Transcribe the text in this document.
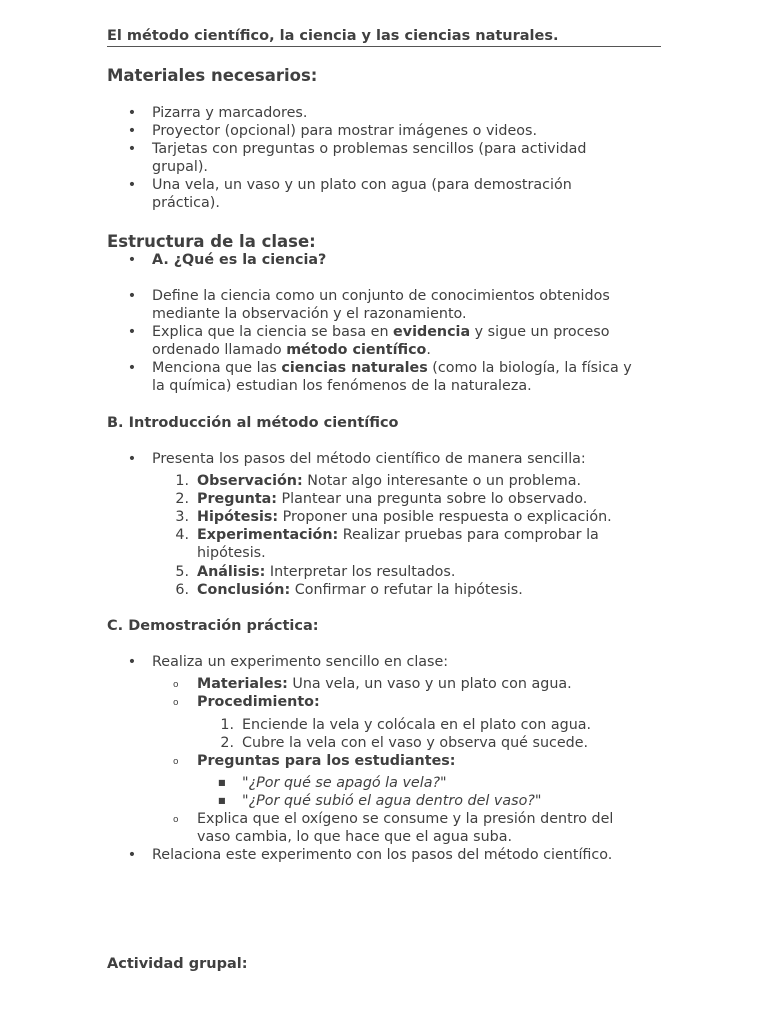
El método científico, la ciencia y las ciencias naturales.
Materiales necesarios:
• Pizarra y marcadores.
• Proyector (opcional) para mostrar imágenes o videos.
• Tarjetas con preguntas o problemas sencillos (para actividad
grupal).
• Una vela, un vaso y un plato con agua (para demostración
práctica).
Estructura de la clase:
• A. ¿Qué es la ciencia?
• Define la ciencia como un conjunto de conocimientos obtenidos
mediante la observación y el razonamiento.
• Explica que la ciencia se basa en evidencia y sigue un proceso
ordenado llamado método científico.
• Menciona que las ciencias naturales (como la biología, la física y
la química) estudian los fenómenos de la naturaleza.
B. Introducción al método científico
• Presenta los pasos del método científico de manera sencilla:
1. Observación: Notar algo interesante o un problema.
2. Pregunta: Plantear una pregunta sobre lo observado.
3. Hipótesis: Proponer una posible respuesta o explicación.
4. Experimentación: Realizar pruebas para comprobar la
hipótesis.
5. Análisis: Interpretar los resultados.
6. Conclusión: Confirmar o refutar la hipótesis.
C. Demostración práctica:
• Realiza un experimento sencillo en clase:
o Materiales: Una vela, un vaso y un plato con agua.
o Procedimiento:
1. Enciende la vela y colócala en el plato con agua.
2. Cubre la vela con el vaso y observa qué sucede.
o Preguntas para los estudiantes:
■ "¿Por qué se apagó la vela?"
■ "¿Por qué subió el agua dentro del vaso?"
o Explica que el oxígeno se consume y la presión dentro del
vaso cambia, lo que hace que el agua suba.
• Relaciona este experimento con los pasos del método científico.
Actividad grupal:
